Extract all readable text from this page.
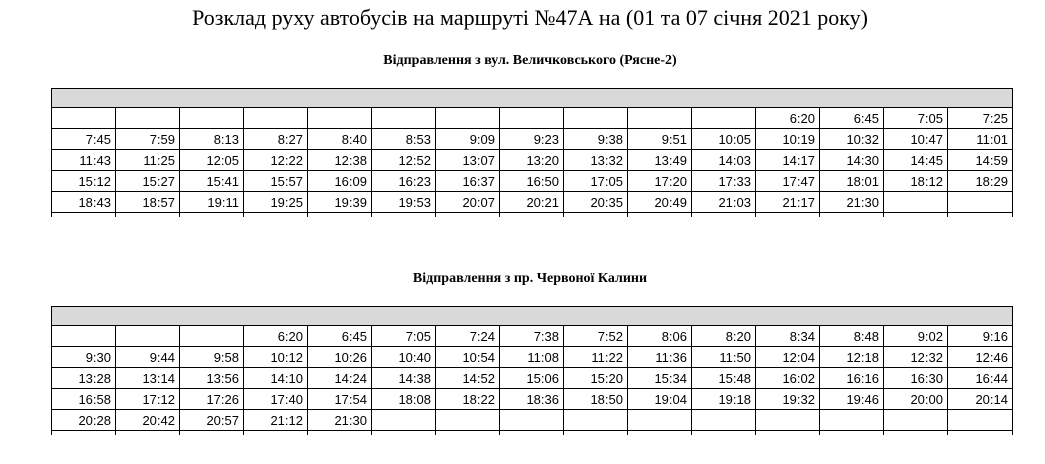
Розклад руху автобусів на маршруті №47А на (01 та 07 січня 2021 року)
Відправлення з вул. Величковського (Рясне-2)

											6:20	6:45	7:05	7:25
7:45	7:59	8:13	8:27	8:40	8:53	9:09	9:23	9:38	9:51	10:05	10:19	10:32	10:47	11:01
11:43	11:25	12:05	12:22	12:38	12:52	13:07	13:20	13:32	13:49	14:03	14:17	14:30	14:45	14:59
15:12	15:27	15:41	15:57	16:09	16:23	16:37	16:50	17:05	17:20	17:33	17:47	18:01	18:12	18:29
18:43	18:57	19:11	19:25	19:39	19:53	20:07	20:21	20:35	20:49	21:03	21:17	21:30		

Відправлення з пр. Червоної Калини

			6:20	6:45	7:05	7:24	7:38	7:52	8:06	8:20	8:34	8:48	9:02	9:16
9:30	9:44	9:58	10:12	10:26	10:40	10:54	11:08	11:22	11:36	11:50	12:04	12:18	12:32	12:46
13:28	13:14	13:56	14:10	14:24	14:38	14:52	15:06	15:20	15:34	15:48	16:02	16:16	16:30	16:44
16:58	17:12	17:26	17:40	17:54	18:08	18:22	18:36	18:50	19:04	19:18	19:32	19:46	20:00	20:14
20:28	20:42	20:57	21:12	21:30										
